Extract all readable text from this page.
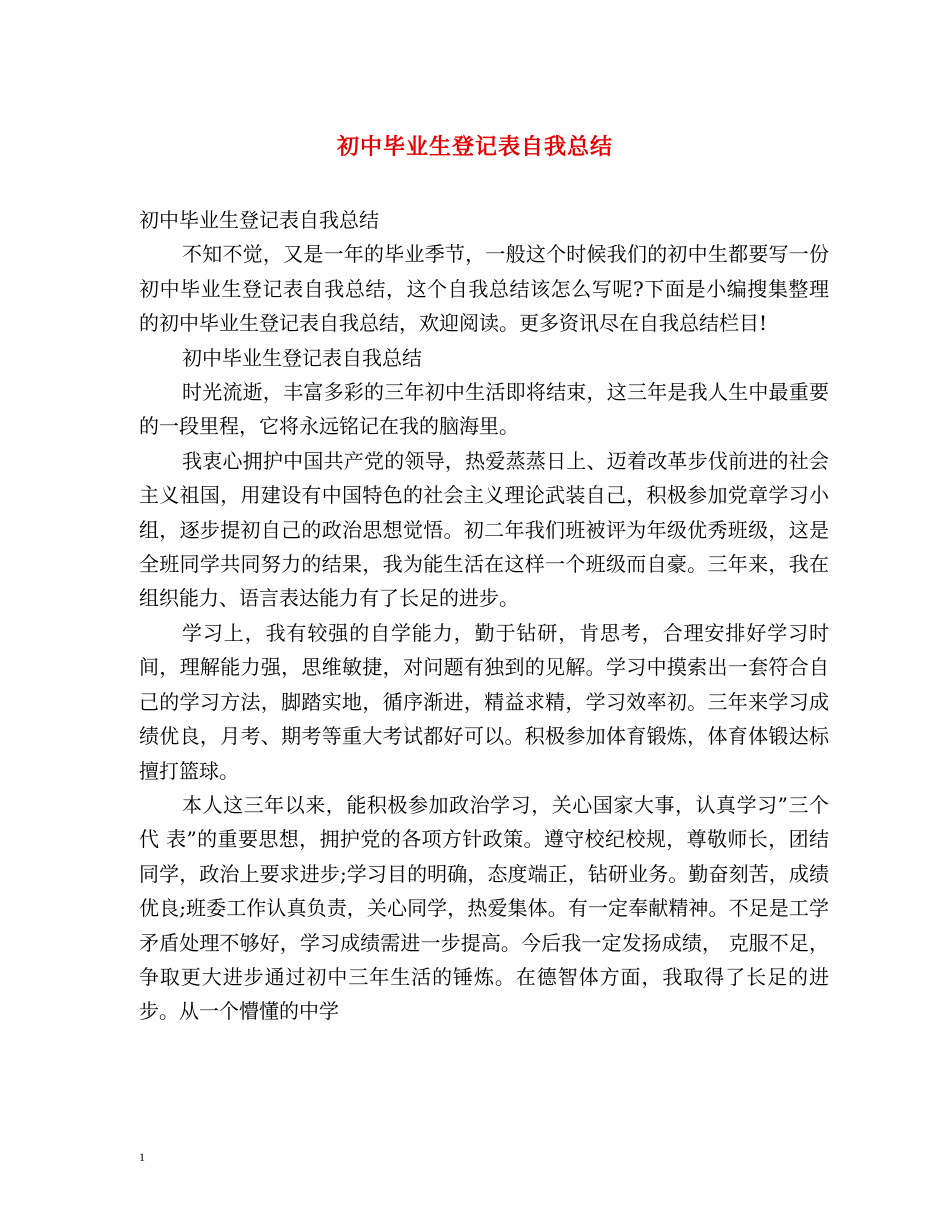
初中毕业生登记表自我总结

初中毕业生登记表自我总结

不知不觉，又是一年的毕业季节，一般这个时候我们的初中生都要写一份初中毕业生登记表自我总结，这个自我总结该怎么写呢?下面是小编搜集整理的初中毕业生登记表自我总结，欢迎阅读。更多资讯尽在自我总结栏目!

初中毕业生登记表自我总结

时光流逝，丰富多彩的三年初中生活即将结束，这三年是我人生中最重要的一段里程，它将永远铭记在我的脑海里。

我衷心拥护中国共产党的领导，热爱蒸蒸日上、迈着改革步伐前进的社会主义祖国，用建设有中国特色的社会主义理论武装自己，积极参加党章学习小组，逐步提初自己的政治思想觉悟。初二年我们班被评为年级优秀班级，这是全班同学共同努力的结果，我为能生活在这样一个班级而自豪。三年来，我在组织能力、语言表达能力有了长足的进步。

学习上，我有较强的自学能力，勤于钻研，肯思考，合理安排好学习时间，理解能力强，思维敏捷，对问题有独到的见解。学习中摸索出一套符合自己的学习方法，脚踏实地，循序渐进，精益求精，学习效率初。三年来学习成绩优良，月考、期考等重大考试都好可以。积极参加体育锻炼，体育体锻达标擅打篮球。

本人这三年以来，能积极参加政治学习，关心国家大事，认真学习”三个代 表”的重要思想，拥护党的各项方针政策。遵守校纪校规，尊敬师长，团结同学，政治上要求进步;学习目的明确，态度端正，钻研业务。勤奋刻苦，成绩优良;班委工作认真负责，关心同学，热爱集体。有一定奉献精神。不足是工学矛盾处理不够好，学习成绩需进一步提高。今后我一定发扬成绩， 克服不足，争取更大进步通过初中三年生活的锤炼。在德智体方面，我取得了长足的进步。从一个懵懂的中学

1
